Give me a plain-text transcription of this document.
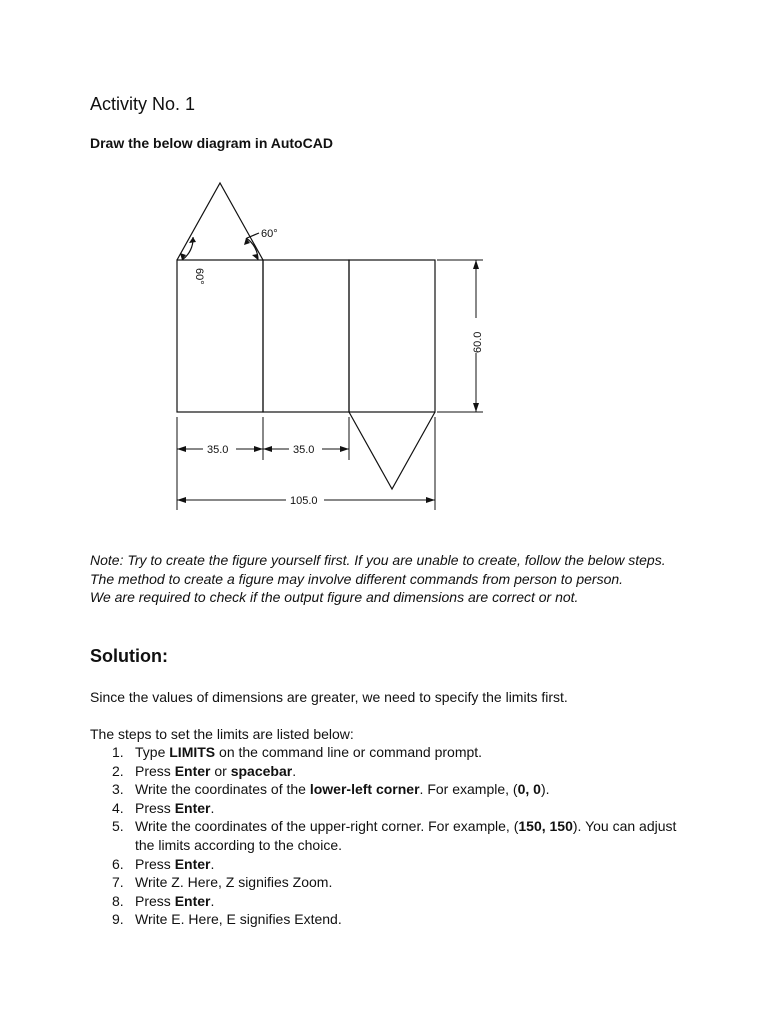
Activity No. 1
Draw the below diagram in AutoCAD
60°
60°
60.0
35.0	35.0
105.0

Note: Try to create the figure yourself first. If you are unable to create, follow the below steps.

The method to create a figure may involve different commands from person to person.

We are required to check if the output figure and dimensions are correct or not.

Solution:
Since the values of dimensions are greater, we need to specify the limits first.
The steps to set the limits are listed below:
1. Type LIMITS on the command line or command prompt.
2. Press Enter or spacebar.
3. Write the coordinates of the lower-left corner. For example, (0, 0).
4. Press Enter.
5. Write the coordinates of the upper-right corner. For example, (150, 150). You can adjust the limits according to the choice.
6. Press Enter.
7. Write Z. Here, Z signifies Zoom.
8. Press Enter.
9. Write E. Here, E signifies Extend.
